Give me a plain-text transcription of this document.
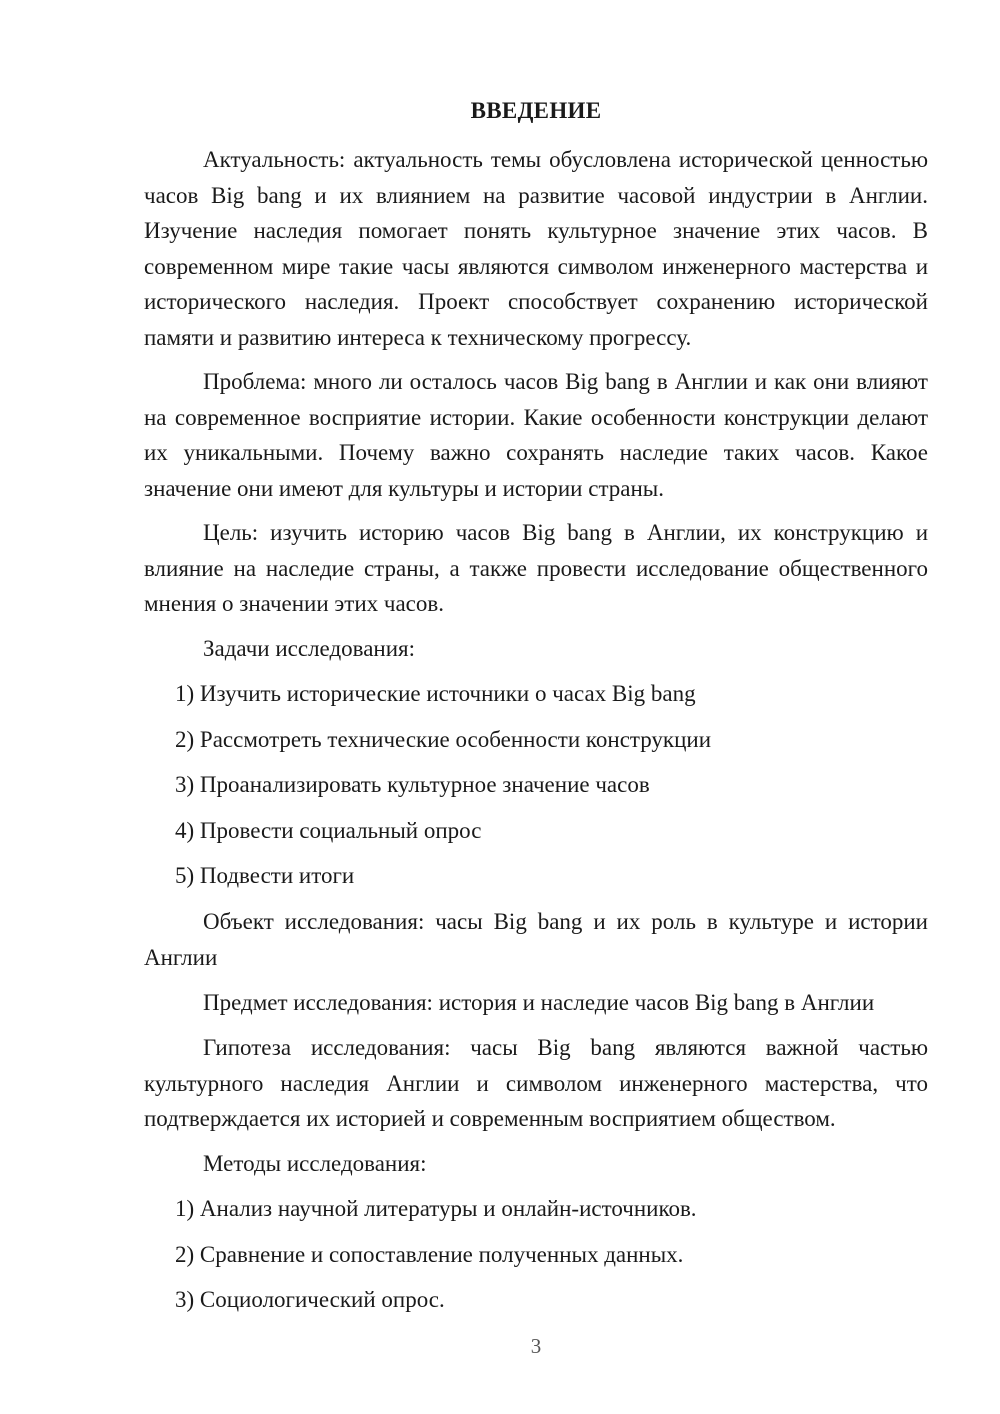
ВВЕДЕНИЕ

Актуальность: актуальность темы обусловлена исторической ценностью часов Big bang и их влиянием на развитие часовой индустрии в Англии. Изучение наследия помогает понять культурное значение этих часов. В современном мире такие часы являются символом инженерного мастерства и исторического наследия. Проект способствует сохранению исторической памяти и развитию интереса к техническому прогрессу.

Проблема: много ли осталось часов Big bang в Англии и как они влияют на современное восприятие истории. Какие особенности конструкции делают их уникальными. Почему важно сохранять наследие таких часов. Какое значение они имеют для культуры и истории страны.

Цель: изучить историю часов Big bang в Англии, их конструкцию и влияние на наследие страны, а также провести исследование общественного мнения о значении этих часов.

Задачи исследования:
1) Изучить исторические источники о часах Big bang
2) Рассмотреть технические особенности конструкции
3) Проанализировать культурное значение часов
4) Провести социальный опрос
5) Подвести итоги

Объект исследования: часы Big bang и их роль в культуре и истории Англии

Предмет исследования: история и наследие часов Big bang в Англии

Гипотеза исследования: часы Big bang являются важной частью культурного наследия Англии и символом инженерного мастерства, что подтверждается их историей и современным восприятием обществом.

Методы исследования:
1) Анализ научной литературы и онлайн-источников.
2) Сравнение и сопоставление полученных данных.
3) Социологический опрос.
3
